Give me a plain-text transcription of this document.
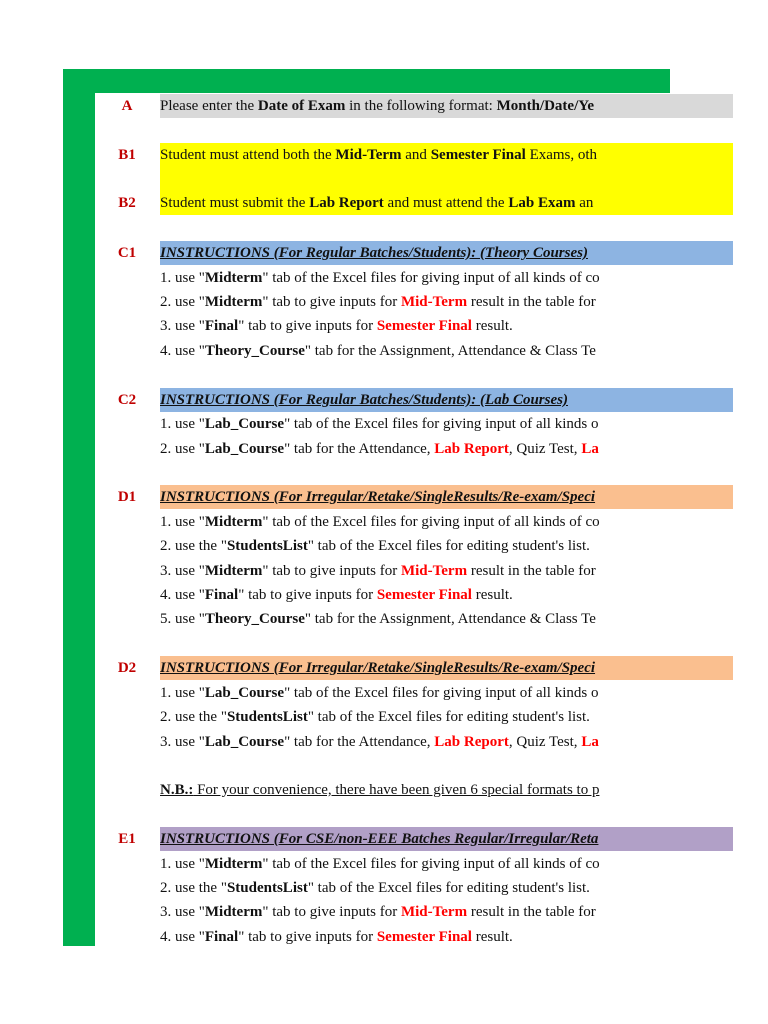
A	Please enter the Date of Exam in the following format: Month/Date/Ye
B1	Student must attend both the Mid-Term and Semester Final Exams, oth
B2	Student must submit the Lab Report and must attend the Lab Exam an
C1	INSTRUCTIONS (For Regular Batches/Students): (Theory Courses)
1. use "Midterm" tab of the Excel files for giving input of all kinds of co
2. use "Midterm" tab to give inputs for Mid-Term result in the table for
3. use "Final" tab to give inputs for Semester Final result.
4. use "Theory_Course" tab for the Assignment, Attendance & Class Te
C2	INSTRUCTIONS (For Regular Batches/Students): (Lab Courses)
1. use "Lab_Course" tab of the Excel files for giving input of all kinds o
2. use "Lab_Course" tab for the Attendance, Lab Report, Quiz Test, La
D1	INSTRUCTIONS (For Irregular/Retake/SingleResults/Re-exam/Speci
1. use "Midterm" tab of the Excel files for giving input of all kinds of co
2. use the "StudentsList" tab of the Excel files for editing student's list.
3. use "Midterm" tab to give inputs for Mid-Term result in the table for
4. use "Final" tab to give inputs for Semester Final result.
5. use "Theory_Course" tab for the Assignment, Attendance & Class Te
D2	INSTRUCTIONS (For Irregular/Retake/SingleResults/Re-exam/Speci
1. use "Lab_Course" tab of the Excel files for giving input of all kinds o
2. use the "StudentsList" tab of the Excel files for editing student's list.
3. use "Lab_Course" tab for the Attendance, Lab Report, Quiz Test, La
N.B.: For your convenience, there have been given 6 special formats to p
E1	INSTRUCTIONS (For CSE/non-EEE Batches Regular/Irregular/Reta
1. use "Midterm" tab of the Excel files for giving input of all kinds of co
2. use the "StudentsList" tab of the Excel files for editing student's list.
3. use "Midterm" tab to give inputs for Mid-Term result in the table for
4. use "Final" tab to give inputs for Semester Final result.
